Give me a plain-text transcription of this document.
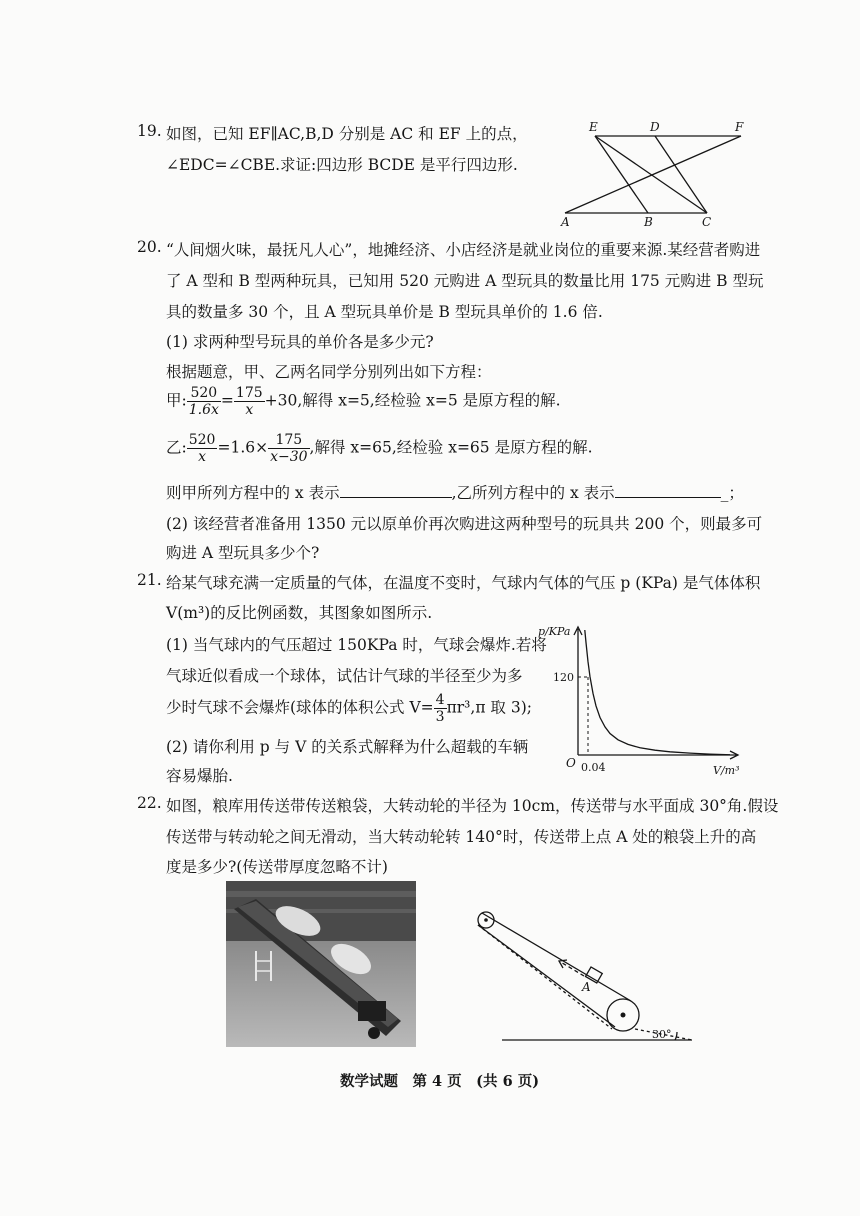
19. 如图，已知 EF∥AC,B,D 分别是 AC 和 EF 上的点，
∠EDC=∠CBE.求证:四边形 BCDE 是平行四边形.
E	D	F
A	B	C
20. “人间烟火味，最抚凡人心”，地摊经济、小店经济是就业岗位的重要来源.某经营者购进
了 A 型和 B 型两种玩具，已知用 520 元购进 A 型玩具的数量比用 175 元购进 B 型玩
具的数量多 30 个，且 A 型玩具单价是 B 型玩具单价的 1.6 倍.
(1) 求两种型号玩具的单价各是多少元?
根据题意，甲、乙两名同学分别列出如下方程：
甲: $\frac{520}{1.6x} = \frac{175}{x} +30$,解得 x=5,经检验 x=5 是原方程的解.
乙: $\frac{520}{x} =1.6\times \frac{175}{x-30}$ ,解得 x=65,经检验 x=65 是原方程的解.
则甲所列方程中的 x 表示	,乙所列方程中的 x 表示	_；
(2) 该经营者准备用 1350 元以原单价再次购进这两种型号的玩具共 200 个，则最多可
购进 A 型玩具多少个?
21. 给某气球充满一定质量的气体，在温度不变时，气球内气体的气压 p (KPa) 是气体体积
V(m³)的反比例函数，其图象如图所示.
(1) 当气球内的气压超过 150KPa 时，气球会爆炸.若将
气球近似看成一个球体，试估计气球的半径至少为多
少时气球不会爆炸(球体的体积公式 $V= \frac{4}{3} \pi r^3,\pi$ 取 3);
(2) 请你利用 p 与 V 的关系式解释为什么超载的车辆
容易爆胎.
p/KPa
V/m³
O
120
0.04
22. 如图，粮库用传送带传送粮袋，大转动轮的半径为 10cm，传送带与水平面成 30°角.假设
传送带与转动轮之间无滑动，当大转动轮转 140°时，传送带上点 A 处的粮袋上升的高
度是多少?(传送带厚度忽略不计)
A
30°
数学试题　第 4 页　(共 6 页)
